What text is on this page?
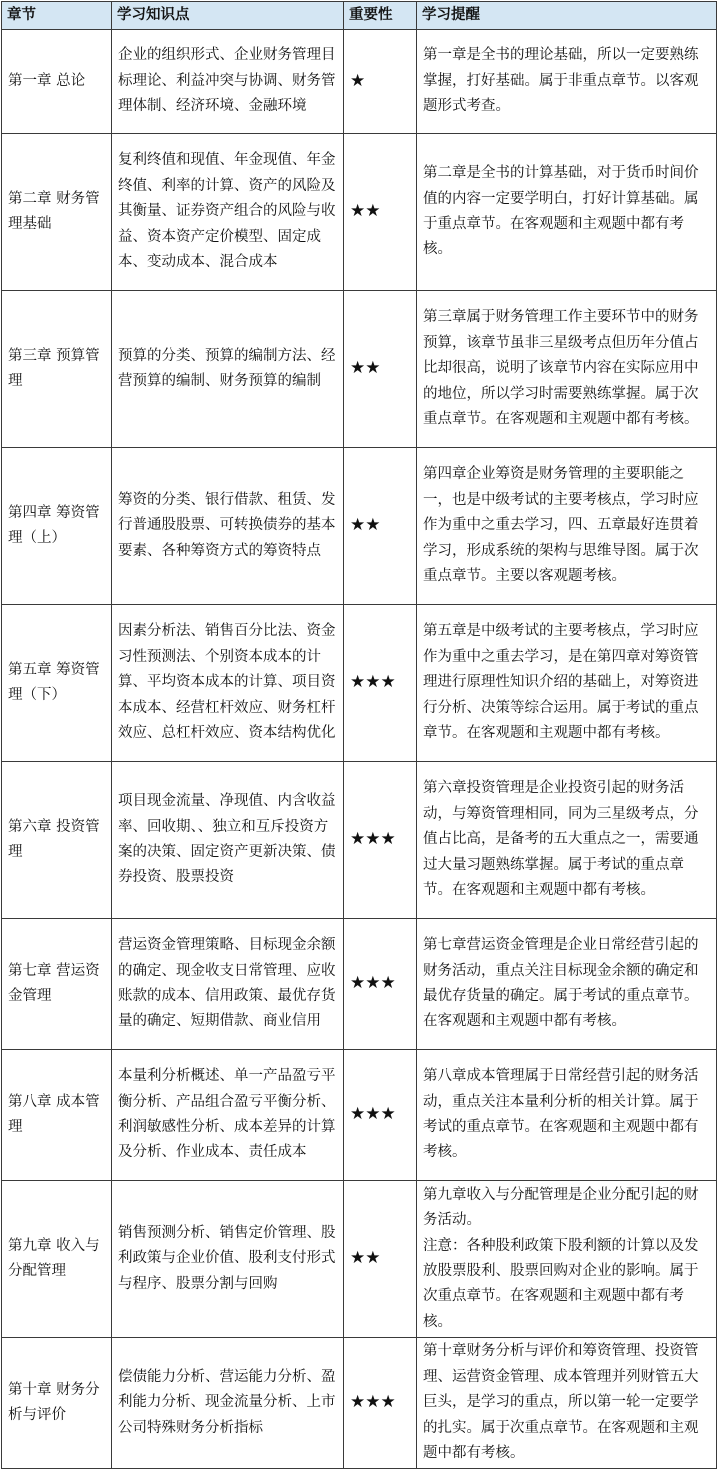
章节	学习知识点	重要性	学习提醒
第一章 总论	企业的组织形式、企业财务管理目标理论、利益冲突与协调、财务管理体制、经济环境、金融环境	★	第一章是全书的理论基础，所以一定要熟练掌握，打好基础。属于非重点章节。以客观题形式考查。
第二章 财务管理基础	复利终值和现值、年金现值、年金终值、利率的计算、资产的风险及其衡量、证券资产组合的风险与收益、资本资产定价模型、固定成本、变动成本、混合成本	★★	第二章是全书的计算基础，对于货币时间价值的内容一定要学明白，打好计算基础。属于重点章节。在客观题和主观题中都有考核。
第三章 预算管理	预算的分类、预算的编制方法、经营预算的编制、财务预算的编制	★★	第三章属于财务管理工作主要环节中的财务预算，该章节虽非三星级考点但历年分值占比却很高，说明了该章节内容在实际应用中的地位，所以学习时需要熟练掌握。属于次重点章节。在客观题和主观题中都有考核。
第四章 筹资管理（上）	筹资的分类、银行借款、租赁、发行普通股股票、可转换债券的基本要素、各种筹资方式的筹资特点	★★	第四章企业筹资是财务管理的主要职能之一，也是中级考试的主要考核点，学习时应作为重中之重去学习，四、五章最好连贯着学习，形成系统的架构与思维导图。属于次重点章节。主要以客观题考核。
第五章 筹资管理（下）	因素分析法、销售百分比法、资金习性预测法、个别资本成本的计算、平均资本成本的计算、项目资本成本、经营杠杆效应、财务杠杆效应、总杠杆效应、资本结构优化	★★★	第五章是中级考试的主要考核点，学习时应作为重中之重去学习，是在第四章对筹资管理进行原理性知识介绍的基础上，对筹资进行分析、决策等综合运用。属于考试的重点章节。在客观题和主观题中都有考核。
第六章 投资管理	项目现金流量、净现值、内含收益率、回收期、、独立和互斥投资方案的决策、固定资产更新决策、债券投资、股票投资	★★★	第六章投资管理是企业投资引起的财务活动，与筹资管理相同，同为三星级考点，分值占比高，是备考的五大重点之一，需要通过大量习题熟练掌握。属于考试的重点章节。在客观题和主观题中都有考核。
第七章 营运资金管理	营运资金管理策略、目标现金余额的确定、现金收支日常管理、应收账款的成本、信用政策、最优存货量的确定、短期借款、商业信用	★★★	第七章营运资金管理是企业日常经营引起的财务活动，重点关注目标现金余额的确定和最优存货量的确定。属于考试的重点章节。在客观题和主观题中都有考核。
第八章 成本管理	本量利分析概述、单一产品盈亏平衡分析、产品组合盈亏平衡分析、利润敏感性分析、成本差异的计算及分析、作业成本、责任成本	★★★	第八章成本管理属于日常经营引起的财务活动，重点关注本量利分析的相关计算。属于考试的重点章节。在客观题和主观题中都有考核。
第九章 收入与分配管理	销售预测分析、销售定价管理、股利政策与企业价值、股利支付形式与程序、股票分割与回购	★★	第九章收入与分配管理是企业分配引起的财务活动。
注意：各种股利政策下股利额的计算以及发放股票股利、股票回购对企业的影响。属于次重点章节。在客观题和主观题中都有考核。

第十章 财务分析与评价	偿债能力分析、营运能力分析、盈利能力分析、现金流量分析、上市公司特殊财务分析指标	★★★	第十章财务分析与评价和筹资管理、投资管理、运营资金管理、成本管理并列财管五大巨头，是学习的重点，所以第一轮一定要学的扎实。属于次重点章节。在客观题和主观题中都有考核。
